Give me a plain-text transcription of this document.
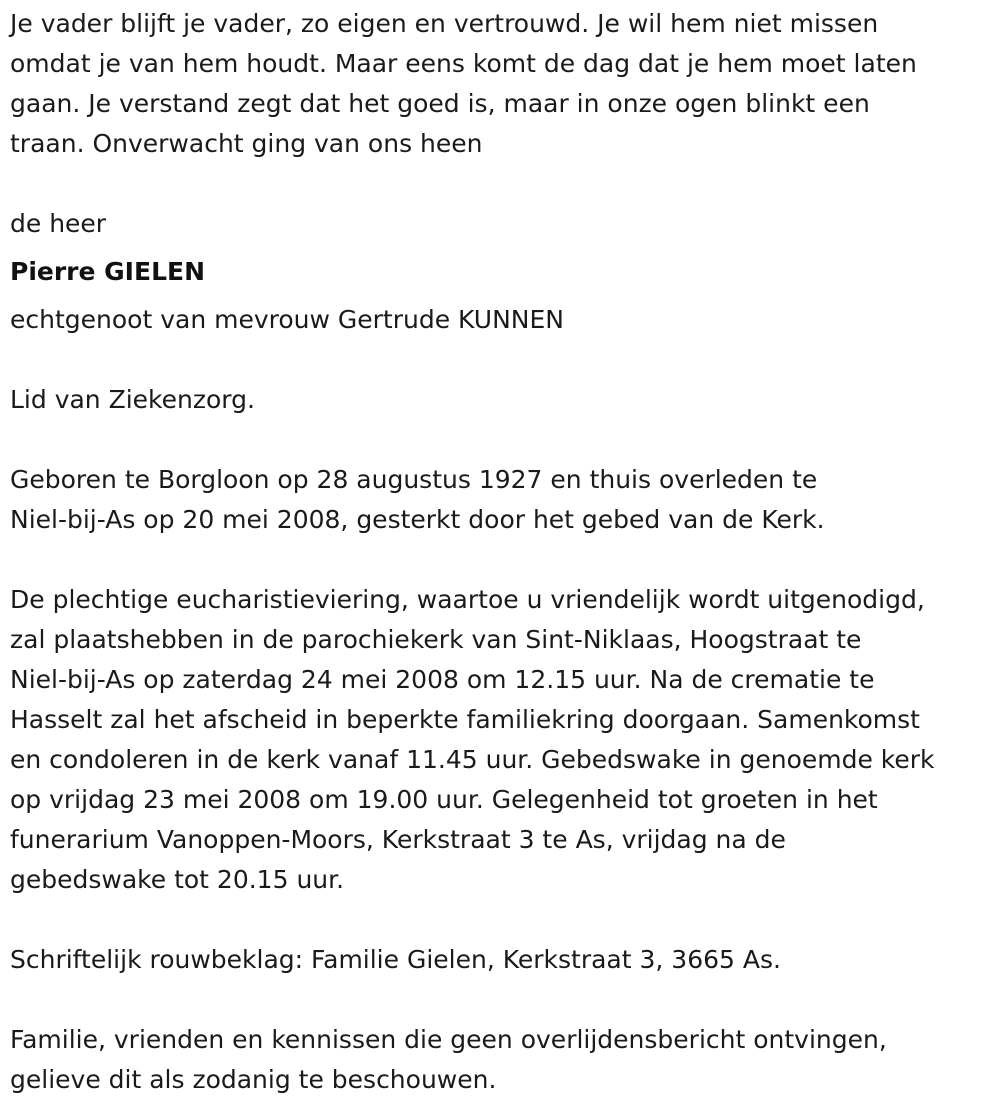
Je vader blijft je vader, zo eigen en vertrouwd. Je wil hem niet missen
omdat je van hem houdt. Maar eens komt de dag dat je hem moet laten
gaan. Je verstand zegt dat het goed is, maar in onze ogen blinkt een
traan. Onverwacht ging van ons heen

de heer

Pierre GIELEN

echtgenoot van mevrouw Gertrude KUNNEN

Lid van Ziekenzorg.

Geboren te Borgloon op 28 augustus 1927 en thuis overleden te
Niel-bij-As op 20 mei 2008, gesterkt door het gebed van de Kerk.

De plechtige eucharistieviering, waartoe u vriendelijk wordt uitgenodigd,
zal plaatshebben in de parochiekerk van Sint-Niklaas, Hoogstraat te
Niel-bij-As op zaterdag 24 mei 2008 om 12.15 uur. Na de crematie te
Hasselt zal het afscheid in beperkte familiekring doorgaan. Samenkomst
en condoleren in de kerk vanaf 11.45 uur. Gebedswake in genoemde kerk
op vrijdag 23 mei 2008 om 19.00 uur. Gelegenheid tot groeten in het
funerarium Vanoppen-Moors, Kerkstraat 3 te As, vrijdag na de
gebedswake tot 20.15 uur.

Schriftelijk rouwbeklag: Familie Gielen, Kerkstraat 3, 3665 As.

Familie, vrienden en kennissen die geen overlijdensbericht ontvingen,
gelieve dit als zodanig te beschouwen.
